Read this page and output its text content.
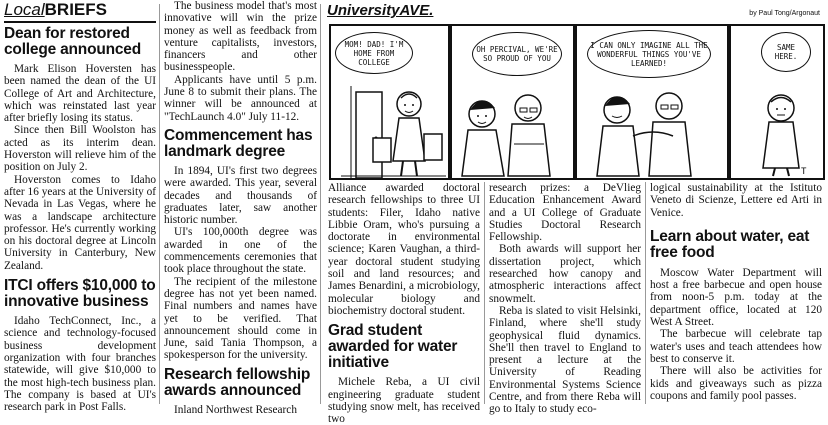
LocalBRIEFS

Dean for restored college announced

Mark Elison Hoversten has been named the dean of the UI College of Art and Architecture, which was reinstated last year after briefly losing its status.

Since then Bill Woolston has acted as its interim dean. Hoverston will relieve him of the position on July 2.

Hoverston comes to Idaho after 16 years at the University of Nevada in Las Vegas, where he was a landscape architecture professor. He's currently working on his doctoral degree at Lincoln University in Canterbury, New Zealand.

ITCI offers $10,000 to innovative business

Idaho TechConnect, Inc., a science and technology-focused business development organization with four branches statewide, will give $10,000 to the most high-tech business plan. The company is based at UI's research park in Post Falls.

The business model that's most innovative will win the prize money as well as feedback from venture capitalists, investors, financers and other businesspeople.

Applicants have until 5 p.m. June 8 to submit their plans. The winner will be announced at "TechLaunch 4.0" July 11-12.

Commencement has landmark degree

In 1894, UI's first two degrees were awarded. This year, several decades and thousands of graduates later, saw another historic number.

UI's 100,000th degree was awarded in one of the commencements ceremonies that took place throughout the state.

The recipient of the milestone degree has not yet been named. Final numbers and names have yet to be verified. That announcement should come in June, said Tania Thompson, a spokesperson for the university.

Research fellowship awards announced

Inland Northwest Research

UniversityAVE.	by Paul Tong/Argonaut
MOM! DAD! I'M HOME FROM COLLEGE
OH PERCIVAL, WE'RE SO PROUD OF YOU
I CAN ONLY IMAGINE ALL THE WONDERFUL THINGS YOU'VE LEARNED!
T
SAME HERE.

Alliance awarded doctoral research fellowships to three UI students: Filer, Idaho native Libbie Oram, who's pursuing a doctorate in environmental science; Karen Vaughan, a third-year doctoral student studying soil and land resources; and James Benardini, a microbiology, molecular biology and biochemistry doctoral student.

Grad student awarded for water initiative

Michele Reba, a UI civil engineering graduate student studying snow melt, has received two

research prizes: a DeVlieg Education Enhancement Award and a UI College of Graduate Studies Doctoral Research Fellowship.

Both awards will support her dissertation project, which researched how canopy and atmospheric interactions affect snowmelt.

Reba is slated to visit Helsinki, Finland, where she'll study geophysical fluid dynamics. She'll then travel to England to present a lecture at the University of Reading Environmental Systems Science Centre, and from there Reba will go to Italy to study eco-

logical sustainability at the Istituto Veneto di Scienze, Lettere ed Arti in Venice.

Learn about water, eat free food

Moscow Water Department will host a free barbecue and open house from noon-5 p.m. today at the department office, located at 120 West A Street.

The barbecue will celebrate tap water's uses and teach attendees how best to conserve it.

There will also be activities for kids and giveaways such as pizza coupons and family pool passes.
